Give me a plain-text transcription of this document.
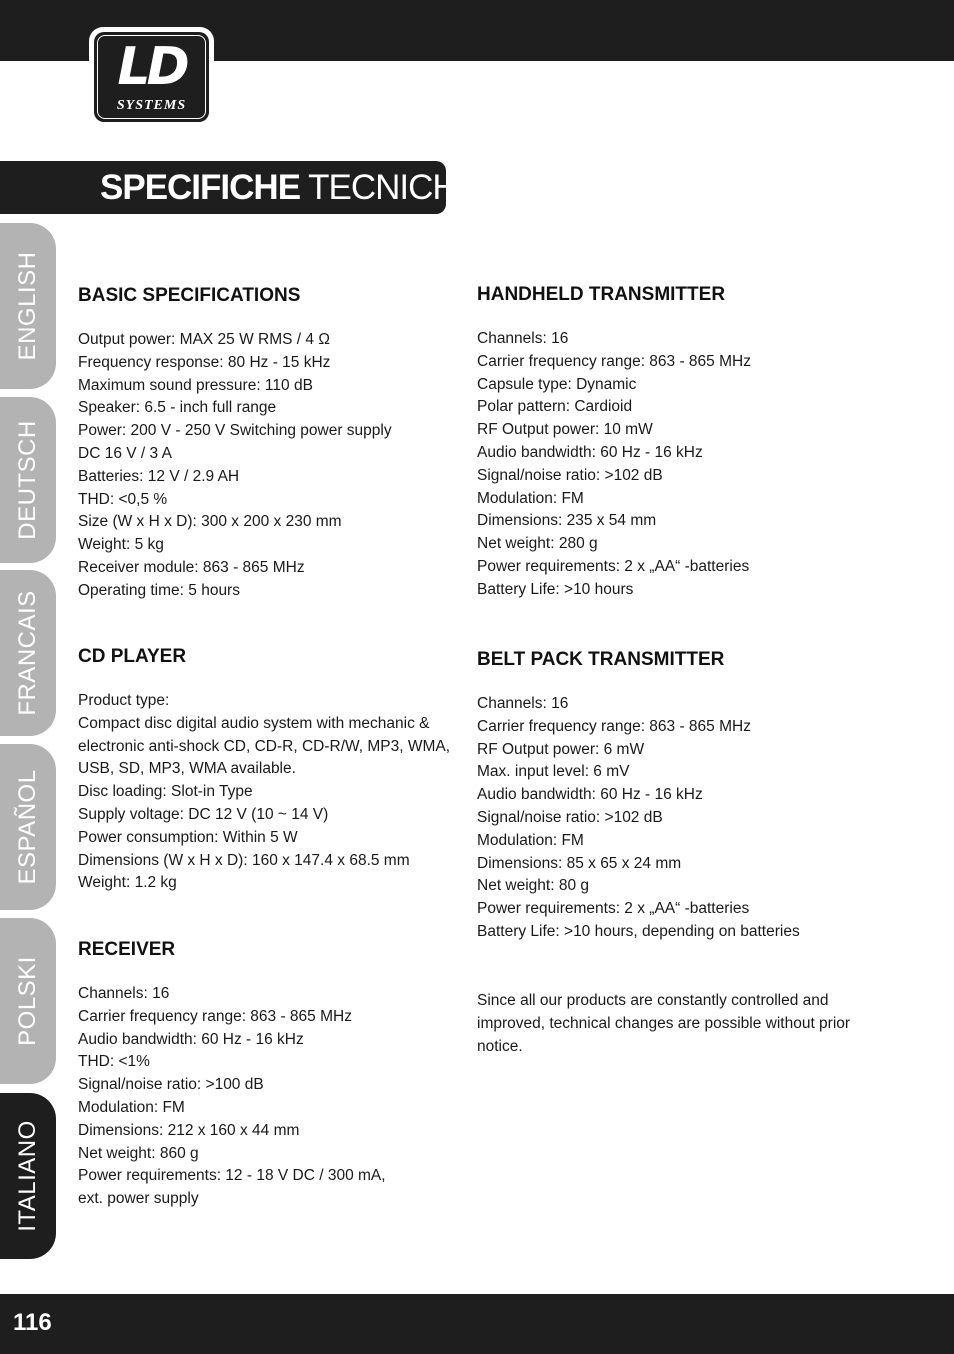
LD
SYSTEMS
SPECIFICHE TECNICHE:
ENGLISH
DEUTSCH
FRANCAIS
ESPAÑOL
POLSKI
ITALIANO
BASIC SPECIFICATIONS
Output power: MAX 25 W RMS / 4 Ω
Frequency response: 80 Hz - 15 kHz
Maximum sound pressure: 110 dB
Speaker: 6.5 - inch full range
Power: 200 V - 250 V Switching power supply
DC 16 V / 3 A
Batteries: 12 V / 2.9 AH
THD: <0,5 %
Size (W x H x D): 300 x 200 x 230 mm
Weight: 5 kg
Receiver module: 863 - 865 MHz
Operating time: 5 hours
CD PLAYER
Product type:
Compact disc digital audio system with mechanic &
electronic anti-shock CD, CD-R, CD-R/W, MP3, WMA,
USB, SD, MP3, WMA available.
Disc loading: Slot-in Type
Supply voltage: DC 12 V (10 ~ 14 V)
Power consumption: Within 5 W
Dimensions (W x H x D): 160 x 147.4 x 68.5 mm
Weight: 1.2 kg
RECEIVER
Channels: 16
Carrier frequency range: 863 - 865 MHz
Audio bandwidth: 60 Hz - 16 kHz
THD: <1%
Signal/noise ratio: >100 dB
Modulation: FM
Dimensions: 212 x 160 x 44 mm
Net weight: 860 g
Power requirements: 12 - 18 V DC / 300 mA,
ext. power supply
HANDHELD TRANSMITTER
Channels: 16
Carrier frequency range: 863 - 865 MHz
Capsule type: Dynamic
Polar pattern: Cardioid
RF Output power: 10 mW
Audio bandwidth: 60 Hz - 16 kHz
Signal/noise ratio: >102 dB
Modulation: FM
Dimensions: 235 x 54 mm
Net weight: 280 g
Power requirements: 2 x „AA“ -batteries
Battery Life: >10 hours
BELT PACK TRANSMITTER
Channels: 16
Carrier frequency range: 863 - 865 MHz
RF Output power: 6 mW
Max. input level: 6 mV
Audio bandwidth: 60 Hz - 16 kHz
Signal/noise ratio: >102 dB
Modulation: FM
Dimensions: 85 x 65 x 24 mm
Net weight: 80 g
Power requirements: 2 x „AA“ -batteries
Battery Life: >10 hours, depending on batteries
Since all our products are constantly controlled and improved, technical changes are possible without prior notice.
116
